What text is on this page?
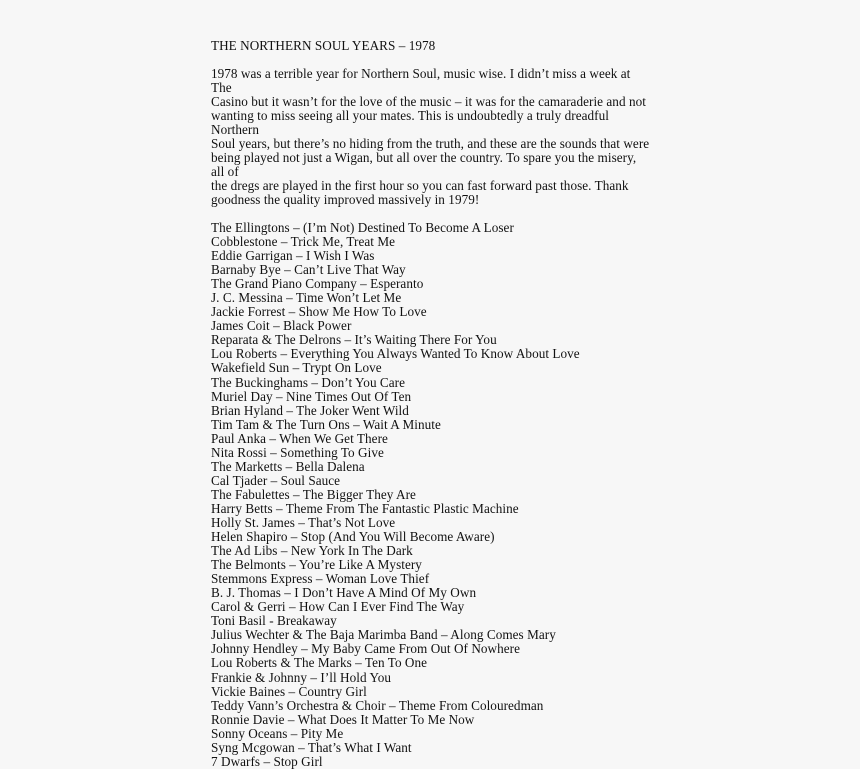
THE NORTHERN SOUL YEARS – 1978
1978 was a terrible year for Northern Soul, music wise. I didn’t miss a week at The
Casino but it wasn’t for the love of the music – it was for the camaraderie and not
wanting to miss seeing all your mates. This is undoubtedly a truly dreadful Northern
Soul years, but there’s no hiding from the truth, and these are the sounds that were
being played not just a Wigan, but all over the country. To spare you the misery, all of
the dregs are played in the first hour so you can fast forward past those. Thank
goodness the quality improved massively in 1979!
The Ellingtons – (I’m Not) Destined To Become A Loser
Cobblestone – Trick Me, Treat Me
Eddie Garrigan – I Wish I Was
Barnaby Bye – Can’t Live That Way
The Grand Piano Company – Esperanto
J. C. Messina – Time Won’t Let Me
Jackie Forrest – Show Me How To Love
James Coit – Black Power
Reparata & The Delrons – It’s Waiting There For You
Lou Roberts – Everything You Always Wanted To Know About Love
Wakefield Sun – Trypt On Love
The Buckinghams – Don’t You Care
Muriel Day – Nine Times Out Of Ten
Brian Hyland – The Joker Went Wild
Tim Tam & The Turn Ons – Wait A Minute
Paul Anka – When We Get There
Nita Rossi – Something To Give
The Marketts – Bella Dalena
Cal Tjader – Soul Sauce
The Fabulettes – The Bigger They Are
Harry Betts – Theme From The Fantastic Plastic Machine
Holly St. James – That’s Not Love
Helen Shapiro – Stop (And You Will Become Aware)
The Ad Libs – New York In The Dark
The Belmonts – You’re Like A Mystery
Stemmons Express – Woman Love Thief
B. J. Thomas – I Don’t Have A Mind Of My Own
Carol & Gerri – How Can I Ever Find The Way
Toni Basil - Breakaway
Julius Wechter & The Baja Marimba Band – Along Comes Mary
Johnny Hendley – My Baby Came From Out Of Nowhere
Lou Roberts & The Marks – Ten To One
Frankie & Johnny – I’ll Hold You
Vickie Baines – Country Girl
Teddy Vann’s Orchestra & Choir – Theme From Colouredman
Ronnie Davie – What Does It Matter To Me Now
Sonny Oceans – Pity Me
Syng Mcgowan – That’s What I Want
7 Dwarfs – Stop Girl
